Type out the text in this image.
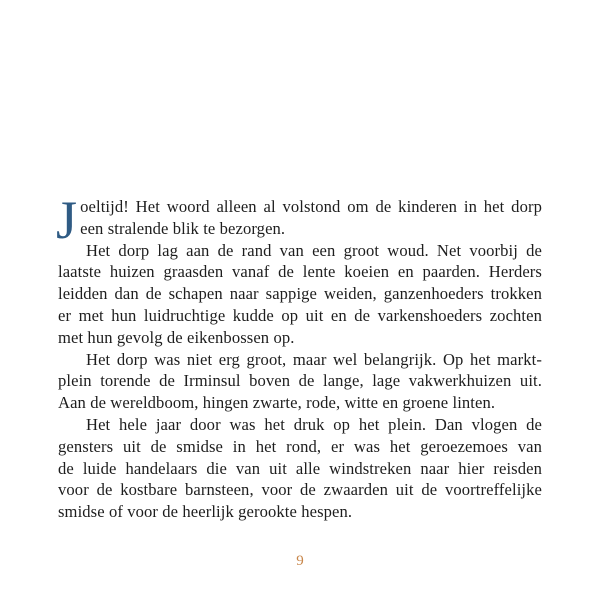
J oeltijd! Het woord alleen al volstond om de kinderen in het dorp
een stralende blik te bezorgen.
Het dorp lag aan de rand van een groot woud. Net voorbij de
laatste huizen graasden vanaf de lente koeien en paarden. Herders
leidden dan de schapen naar sappige weiden, ganzenhoeders trokken
er met hun luidruchtige kudde op uit en de varkenshoeders zochten
met hun gevolg de eikenbossen op.
Het dorp was niet erg groot, maar wel belangrijk. Op het markt-
plein torende de Irminsul boven de lange, lage vakwerkhuizen uit.
Aan de wereldboom, hingen zwarte, rode, witte en groene linten.
Het hele jaar door was het druk op het plein. Dan vlogen de
gensters uit de smidse in het rond, er was het geroezemoes van
de luide handelaars die van uit alle windstreken naar hier reisden
voor de kostbare barnsteen, voor de zwaarden uit de voortreffelijke
smidse of voor de heerlijk gerookte hespen.
9
